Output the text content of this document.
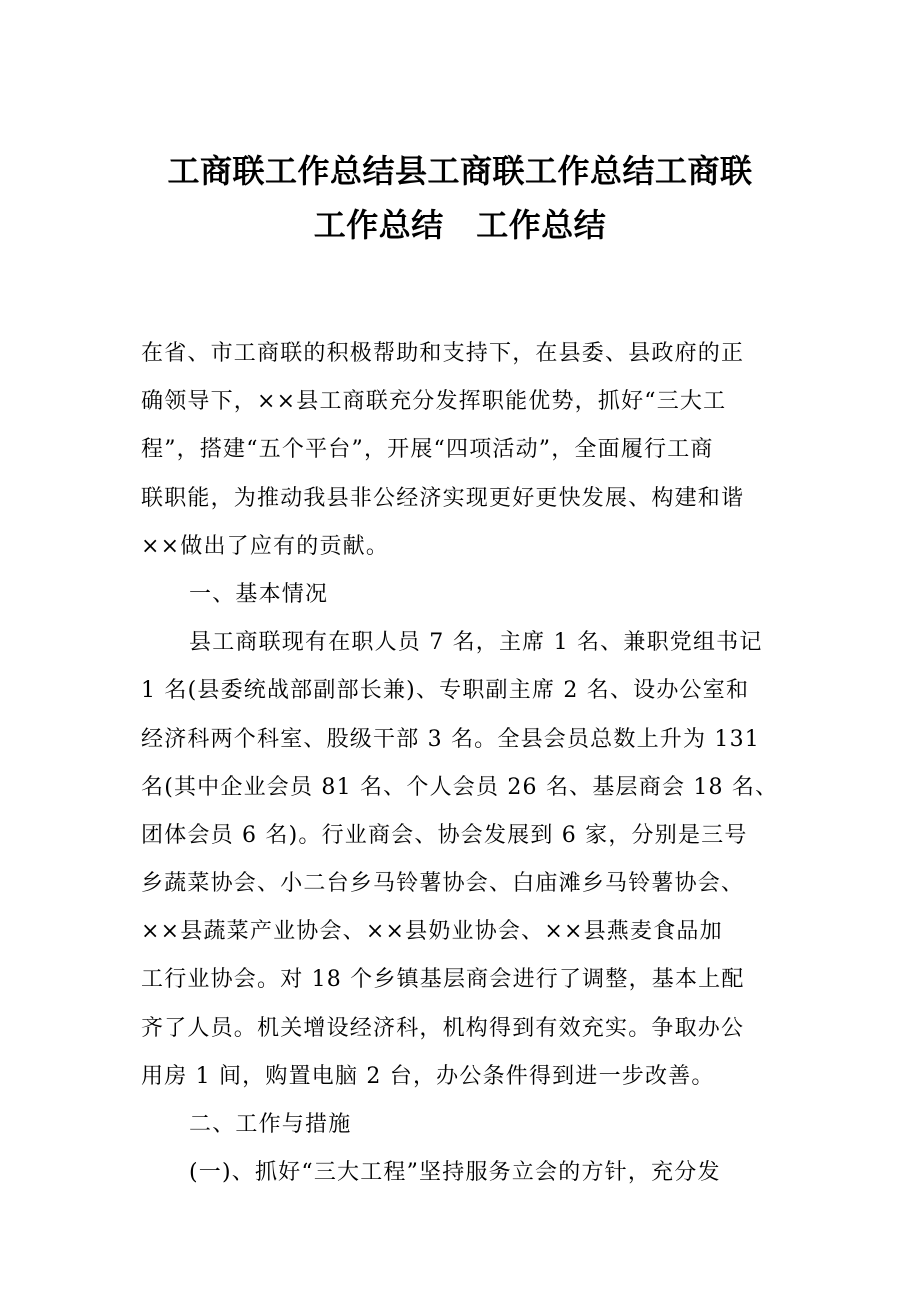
工商联工作总结县工商联工作总结工商联
工作总结　工作总结
在省、市工商联的积极帮助和支持下，在县委、县政府的正
确领导下，××县工商联充分发挥职能优势，抓好“三大工
程”，搭建“五个平台”，开展“四项活动”，全面履行工商
联职能，为推动我县非公经济实现更好更快发展、构建和谐
××做出了应有的贡献。
一、基本情况
县工商联现有在职人员 7 名，主席 1 名、兼职党组书记
1 名(县委统战部副部长兼)、专职副主席 2 名、设办公室和
经济科两个科室、股级干部 3 名。全县会员总数上升为 131
名(其中企业会员 81 名、个人会员 26 名、基层商会 18 名、
团体会员 6 名)。行业商会、协会发展到 6 家，分别是三号
乡蔬菜协会、小二台乡马铃薯协会、白庙滩乡马铃薯协会、
××县蔬菜产业协会、××县奶业协会、××县燕麦食品加
工行业协会。对 18 个乡镇基层商会进行了调整，基本上配
齐了人员。机关增设经济科，机构得到有效充实。争取办公
用房 1 间，购置电脑 2 台，办公条件得到进一步改善。
二、工作与措施
(一)、抓好“三大工程”坚持服务立会的方针，充分发
